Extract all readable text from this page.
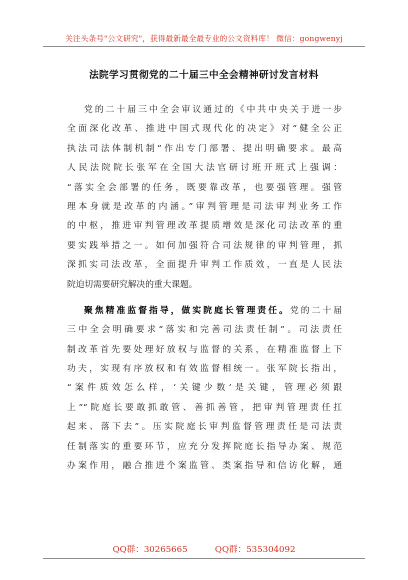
关注头条号"公文研究"，获得最新最全最专业的公文资料库！ 微信：gongwenyj
法院学习贯彻党的二十届三中全会精神研讨发言材料
党的二十届三中全会审议通过的《中共中央关于进一步
全面深化改革、推进中国式现代化的决定》对“健全公正
执法司法体制机制”作出专门部署、提出明确要求。最高
人民法院院长张军在全国大法官研讨班开班式上强调：
“落实全会部署的任务，既要靠改革，也要强管理。强管
理本身就是改革的内涵。”审判管理是司法审判业务工作
的中枢，推进审判管理改革提质增效是深化司法改革的重
要实践举措之一。如何加强符合司法规律的审判管理，抓
深抓实司法改革，全面提升审判工作质效，一直是人民法
院迫切需要研究解决的重大课题。
聚焦精准监督指导，做实院庭长管理责任。党的二十届
三中全会明确要求“落实和完善司法责任制”。司法责任
制改革首先要处理好放权与监督的关系，在精准监督上下
功夫，实现有序放权和有效监督相统一。张军院长指出，
“案件质效怎么样，‘关键少数’是关键，管理必须跟
上”“院庭长要敢抓敢管、善抓善管，把审判管理责任扛
起来、落下去”。压实院庭长审判监督管理责任是司法责
任制落实的重要环节，应充分发挥院庭长指导办案、规范
办案作用，融合推进个案监管、类案指导和信访化解，通
QQ群：30265665	QQ群：535304092
